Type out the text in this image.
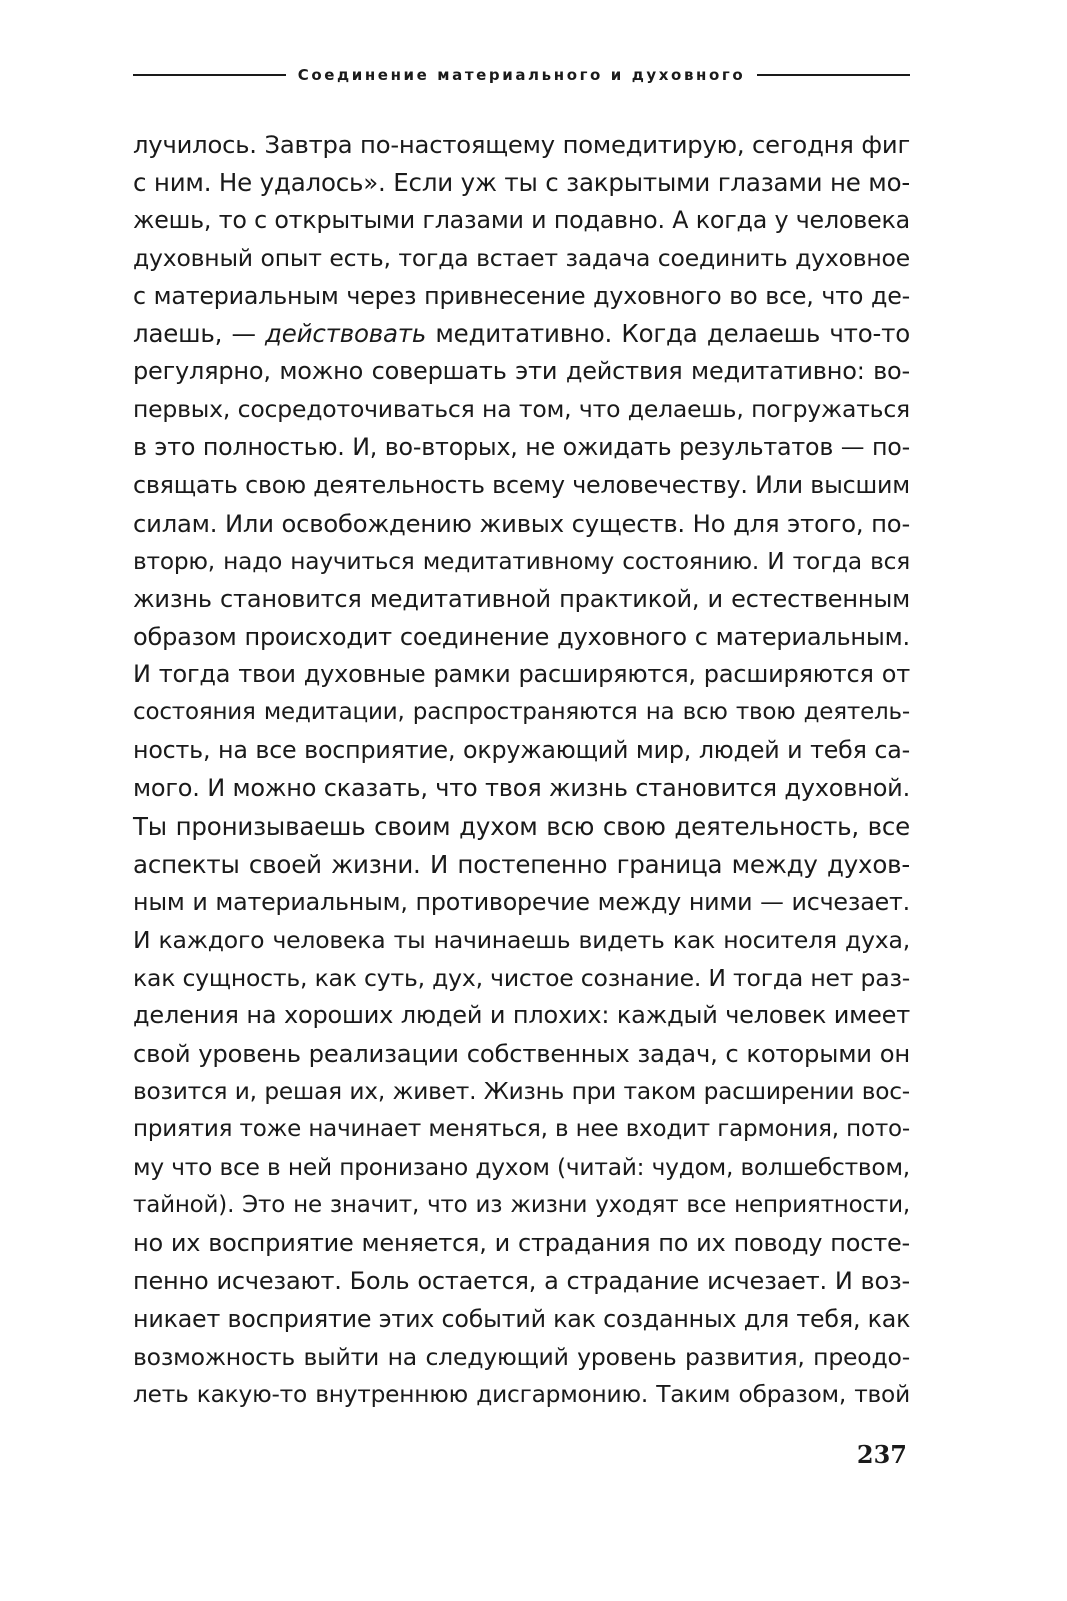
Соединение материального и духовного
лучилось. Завтра по-настоящему помедитирую, сегодня фиг
с ним. Не удалось». Если уж ты с закрытыми глазами не мо-
жешь, то с открытыми глазами и подавно. А когда у человека
духовный опыт есть, тогда встает задача соединить духовное
с материальным через привнесение духовного во все, что де-
лаешь, — действовать медитативно. Когда делаешь что-то
регулярно, можно совершать эти действия медитативно: во-
первых, сосредоточиваться на том, что делаешь, погружаться
в это полностью. И, во-вторых, не ожидать результатов — по-
свящать свою деятельность всему человечеству. Или высшим
силам. Или освобождению живых существ. Но для этого, по-
вторю, надо научиться медитативному состоянию. И тогда вся
жизнь становится медитативной практикой, и естественным
образом происходит соединение духовного с материальным.
И тогда твои духовные рамки расширяются, расширяются от
состояния медитации, распространяются на всю твою деятель-
ность, на все восприятие, окружающий мир, людей и тебя са-
мого. И можно сказать, что твоя жизнь становится духовной.
Ты пронизываешь своим духом всю свою деятельность, все
аспекты своей жизни. И постепенно граница между духов-
ным и материальным, противоречие между ними — исчезает.
И каждого человека ты начинаешь видеть как носителя духа,
как сущность, как суть, дух, чистое сознание. И тогда нет раз-
деления на хороших людей и плохих: каждый человек имеет
свой уровень реализации собственных задач, с которыми он
возится и, решая их, живет. Жизнь при таком расширении вос-
приятия тоже начинает меняться, в нее входит гармония, пото-
му что все в ней пронизано духом (читай: чудом, волшебством,
тайной). Это не значит, что из жизни уходят все неприятности,
но их восприятие меняется, и страдания по их поводу посте-
пенно исчезают. Боль остается, а страдание исчезает. И воз-
никает восприятие этих событий как созданных для тебя, как
возможность выйти на следующий уровень развития, преодо-
леть какую-то внутреннюю дисгармонию. Таким образом, твой
237
